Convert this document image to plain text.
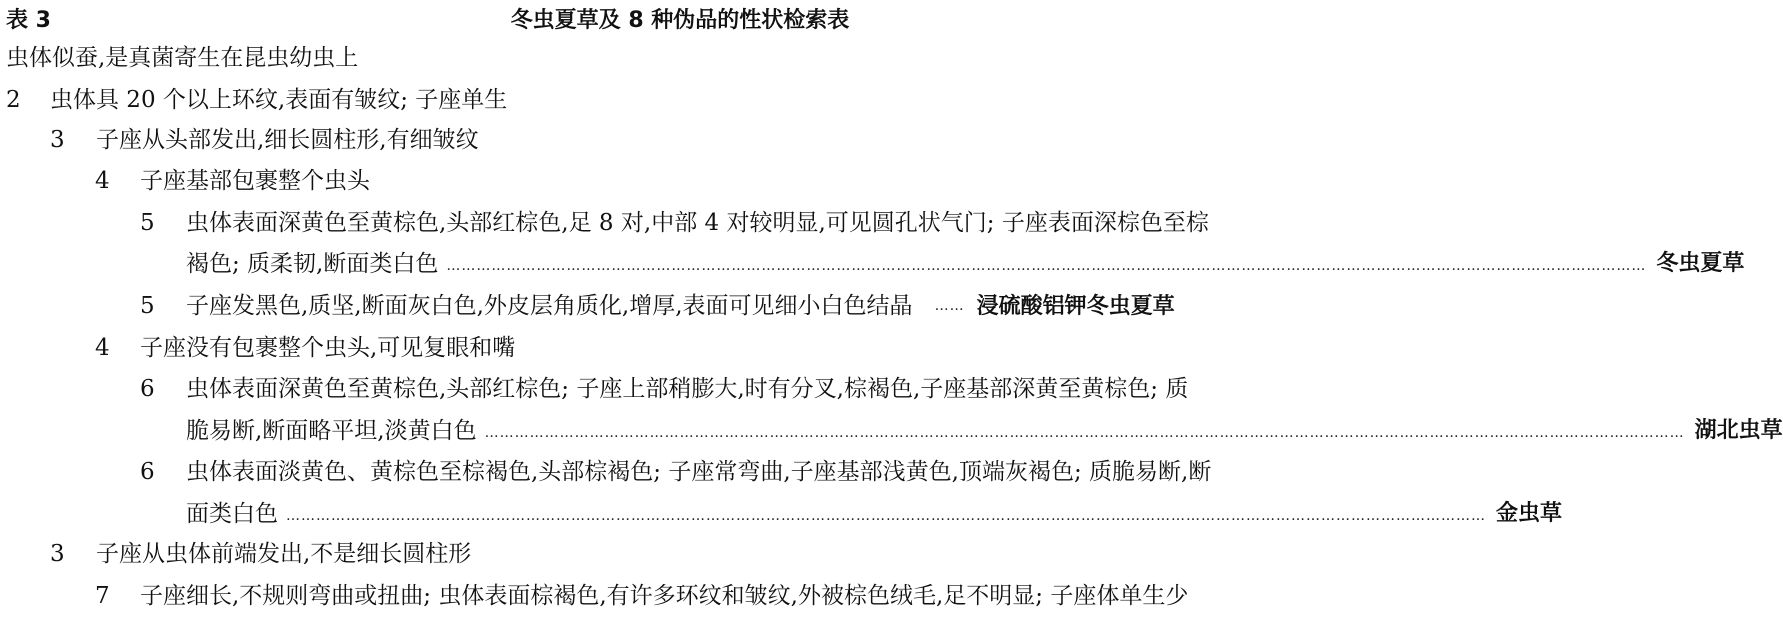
表 3	冬虫夏草及 8 种伪品的性状检索表
虫体似蚕,是真菌寄生在昆虫幼虫上
2 虫体具 20 个以上环纹,表面有皱纹; 子座单生
3 子座从头部发出,细长圆柱形,有细皱纹
4 子座基部包裹整个虫头
5 虫体表面深黄色至黄棕色,头部红棕色,足 8 对,中部 4 对较明显,可见圆孔状气门; 子座表面深棕色至棕
褐色; 质柔韧,断面类白色 …………………………………………………………………………………………………………………………………………………………………………………………………………………… 冬虫夏草
5 子座发黑色,质坚,断面灰白色,外皮层角质化,增厚,表面可见细小白色结晶 …… 浸硫酸铝钾冬虫夏草
4 子座没有包裹整个虫头,可见复眼和嘴
6 虫体表面深黄色至黄棕色,头部红棕色; 子座上部稍膨大,时有分叉,棕褐色,子座基部深黄至黄棕色; 质
脆易断,断面略平坦,淡黄白色 …………………………………………………………………………………………………………………………………………………………………………………………………………………… 湖北虫草
6 虫体表面淡黄色、黄棕色至棕褐色,头部棕褐色; 子座常弯曲,子座基部浅黄色,顶端灰褐色; 质脆易断,断
面类白色 …………………………………………………………………………………………………………………………………………………………………………………………………………………… 金虫草
3 子座从虫体前端发出,不是细长圆柱形
7 子座细长,不规则弯曲或扭曲; 虫体表面棕褐色,有许多环纹和皱纹,外被棕色绒毛,足不明显; 子座体单生少
